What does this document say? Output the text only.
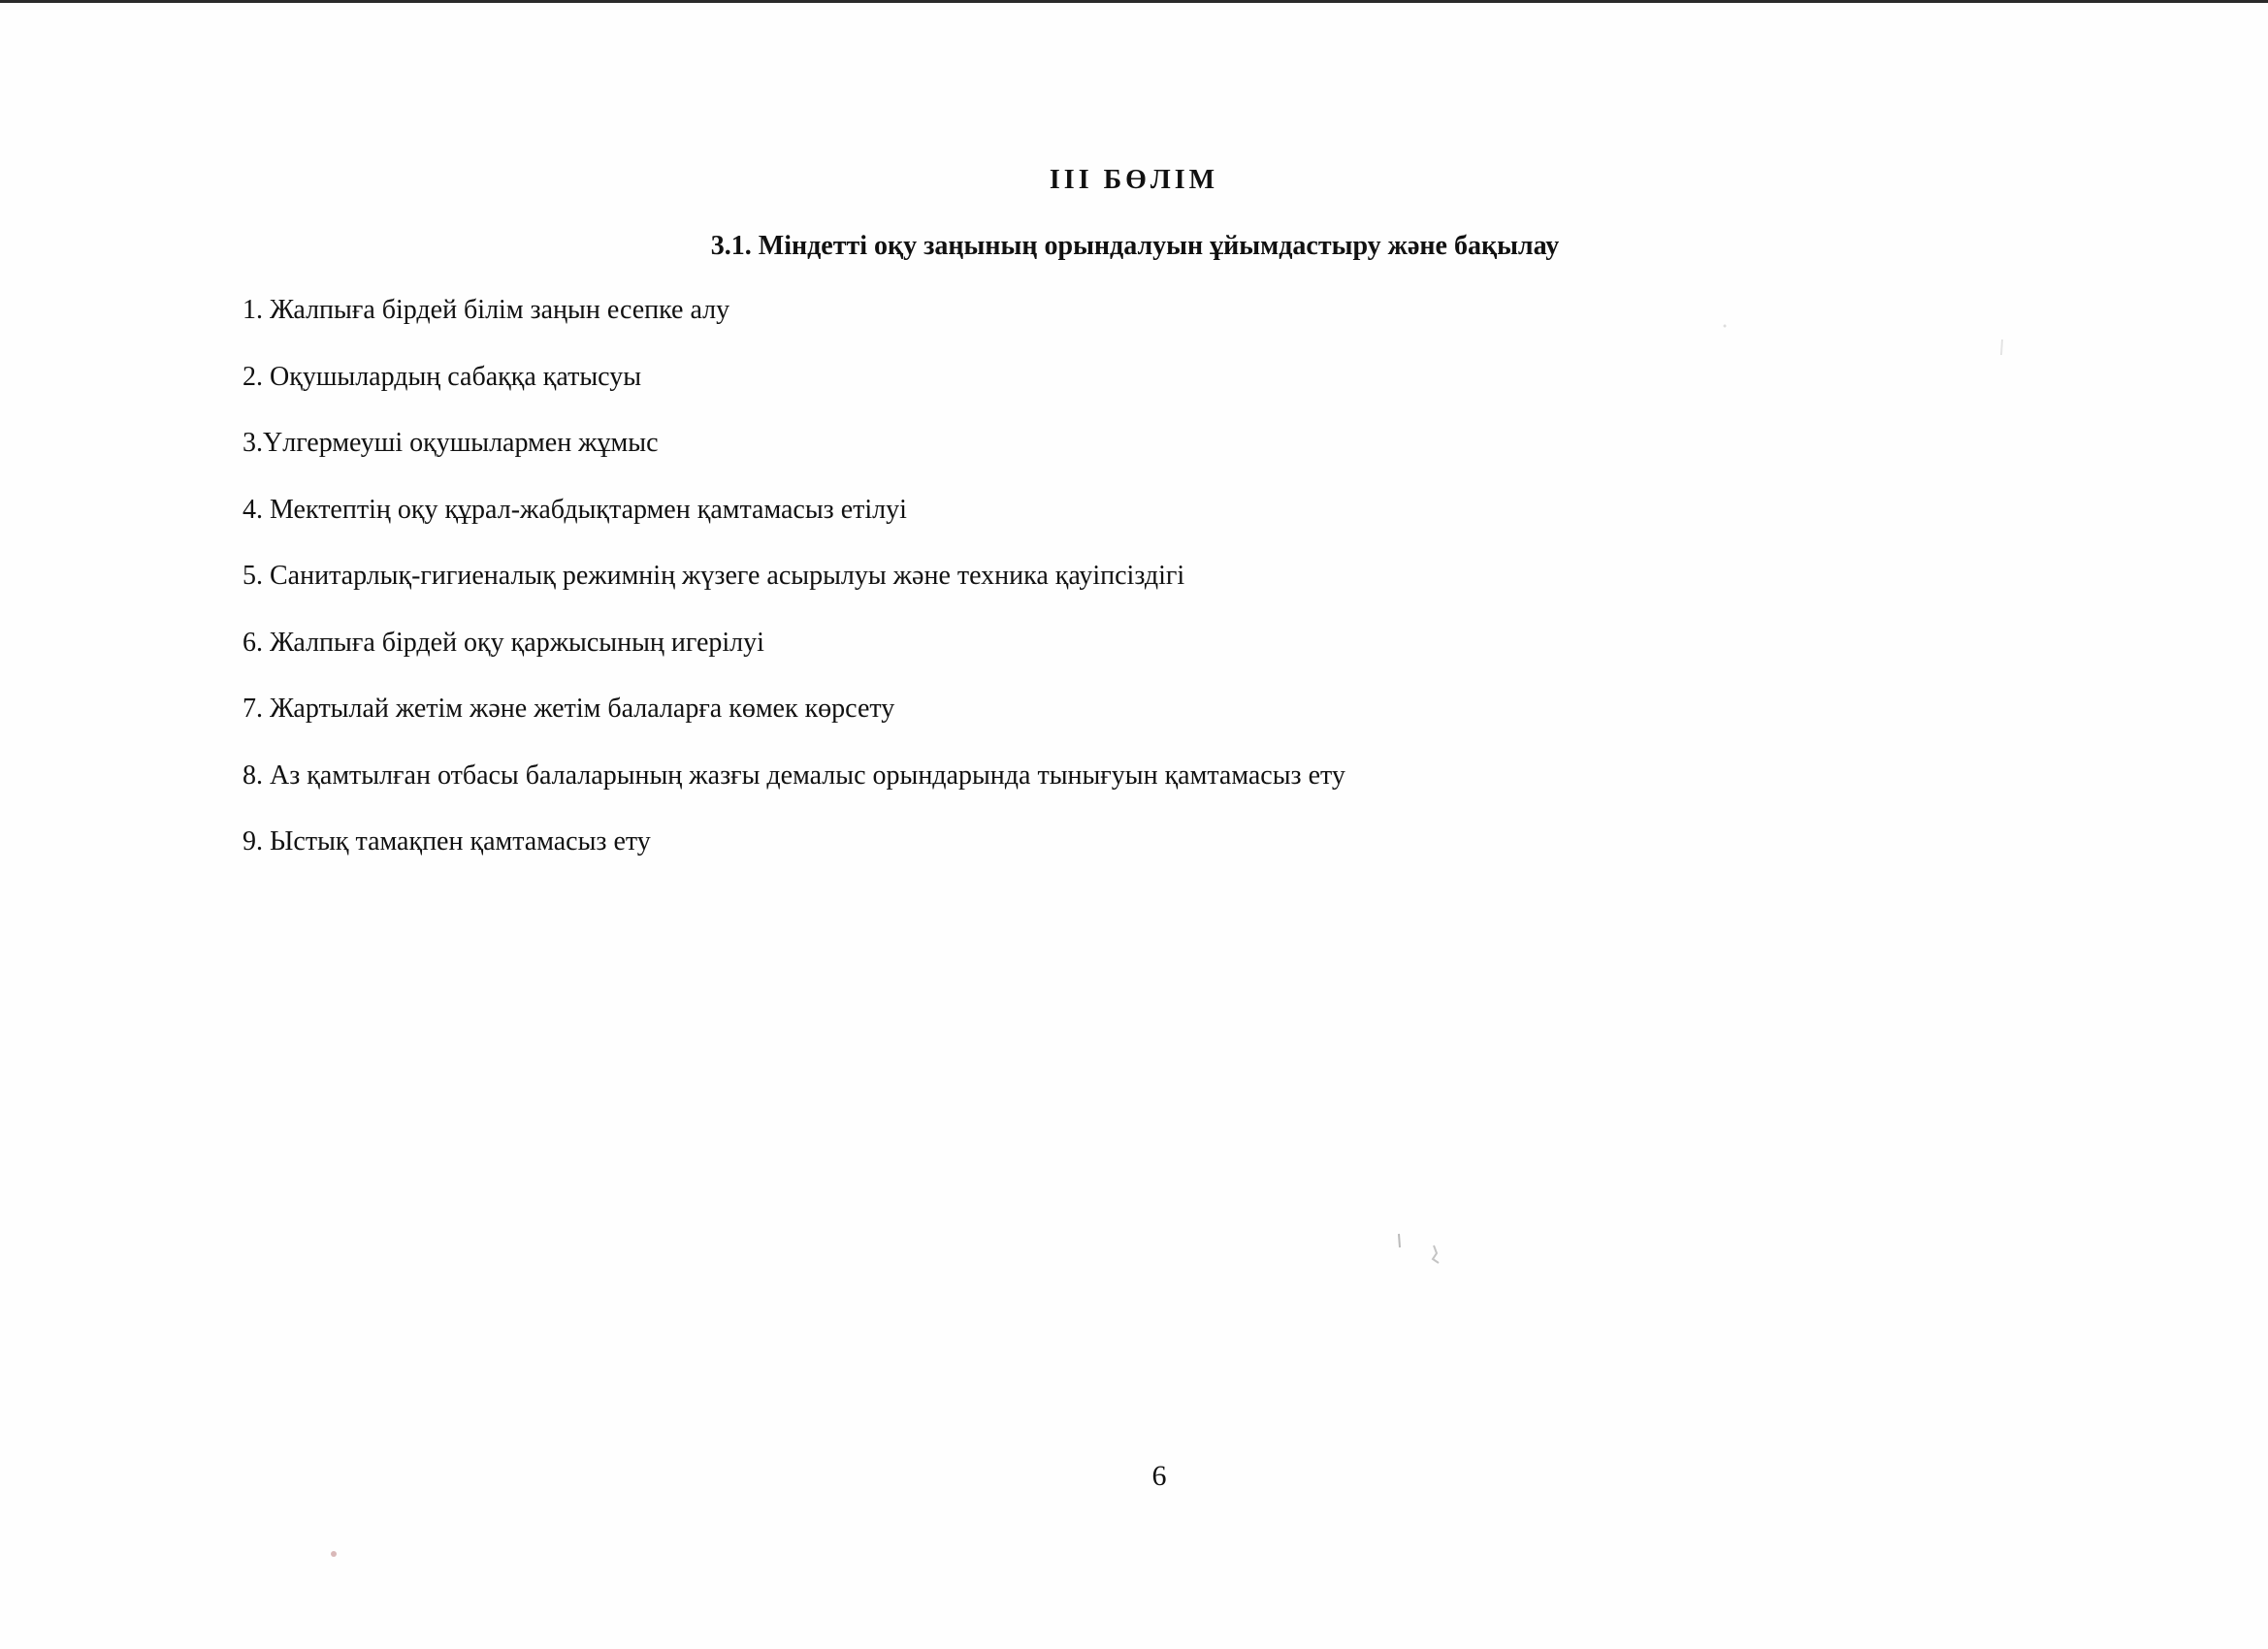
ІІІ БӨЛІМ
3.1. Міндетті оқу заңының орындалуын ұйымдастыру және бақылау
1. Жалпыға бірдей білім заңын есепке алу
2. Оқушылардың сабаққа қатысуы
3.Үлгермеуші оқушылармен жұмыс
4. Мектептің оқу құрал-жабдықтармен қамтамасыз етілуі
5. Санитарлық-гигиеналық режимнің жүзеге асырылуы және техника қауіпсіздігі
6. Жалпыға бірдей оқу қаржысының игерілуі
7. Жартылай жетім және жетім балаларға көмек көрсету
8. Аз қамтылған отбасы балаларының жазғы демалыс орындарында тынығуын қамтамасыз ету
9. Ыстық тамақпен қамтамасыз ету
6
